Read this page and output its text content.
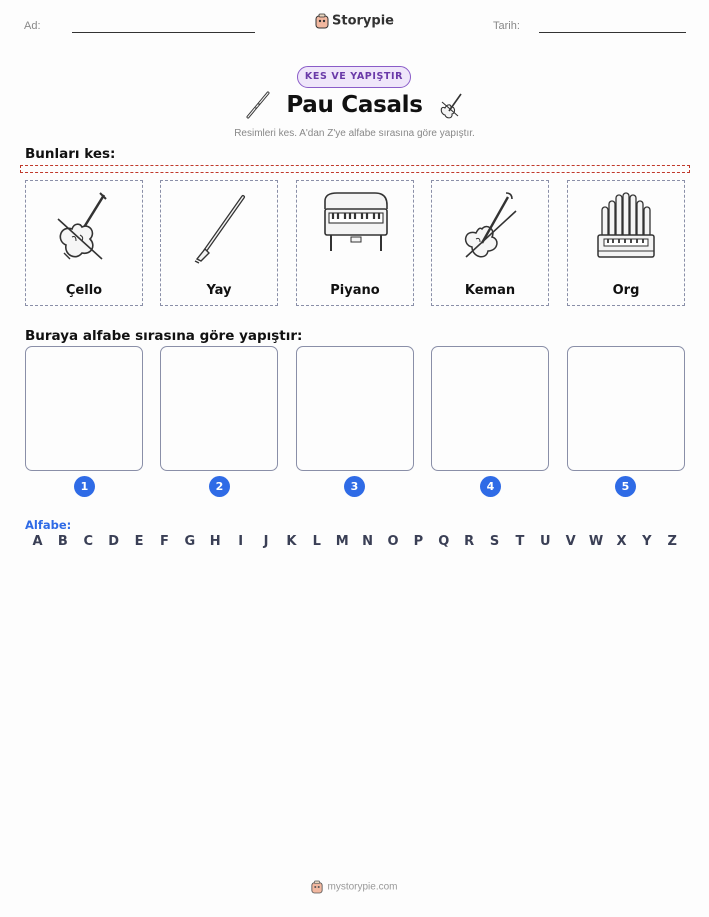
Ad:	Storypie	Tarih:
KES VE YAPIŞTIR
Pau Casals
Resimleri kes. A'dan Z'ye alfabe sırasına göre yapıştır.
Bunları kes:
Çello	Yay	Piyano	Keman	Org
Buraya alfabe sırasına göre yapıştır:
1	2	3	4	5
Alfabe:
A	B	C	D	E	F	G	H	I	J	K	L	M	N	O	P	Q	R	S	T	U	V	W	X	Y	Z
mystorypie.com
